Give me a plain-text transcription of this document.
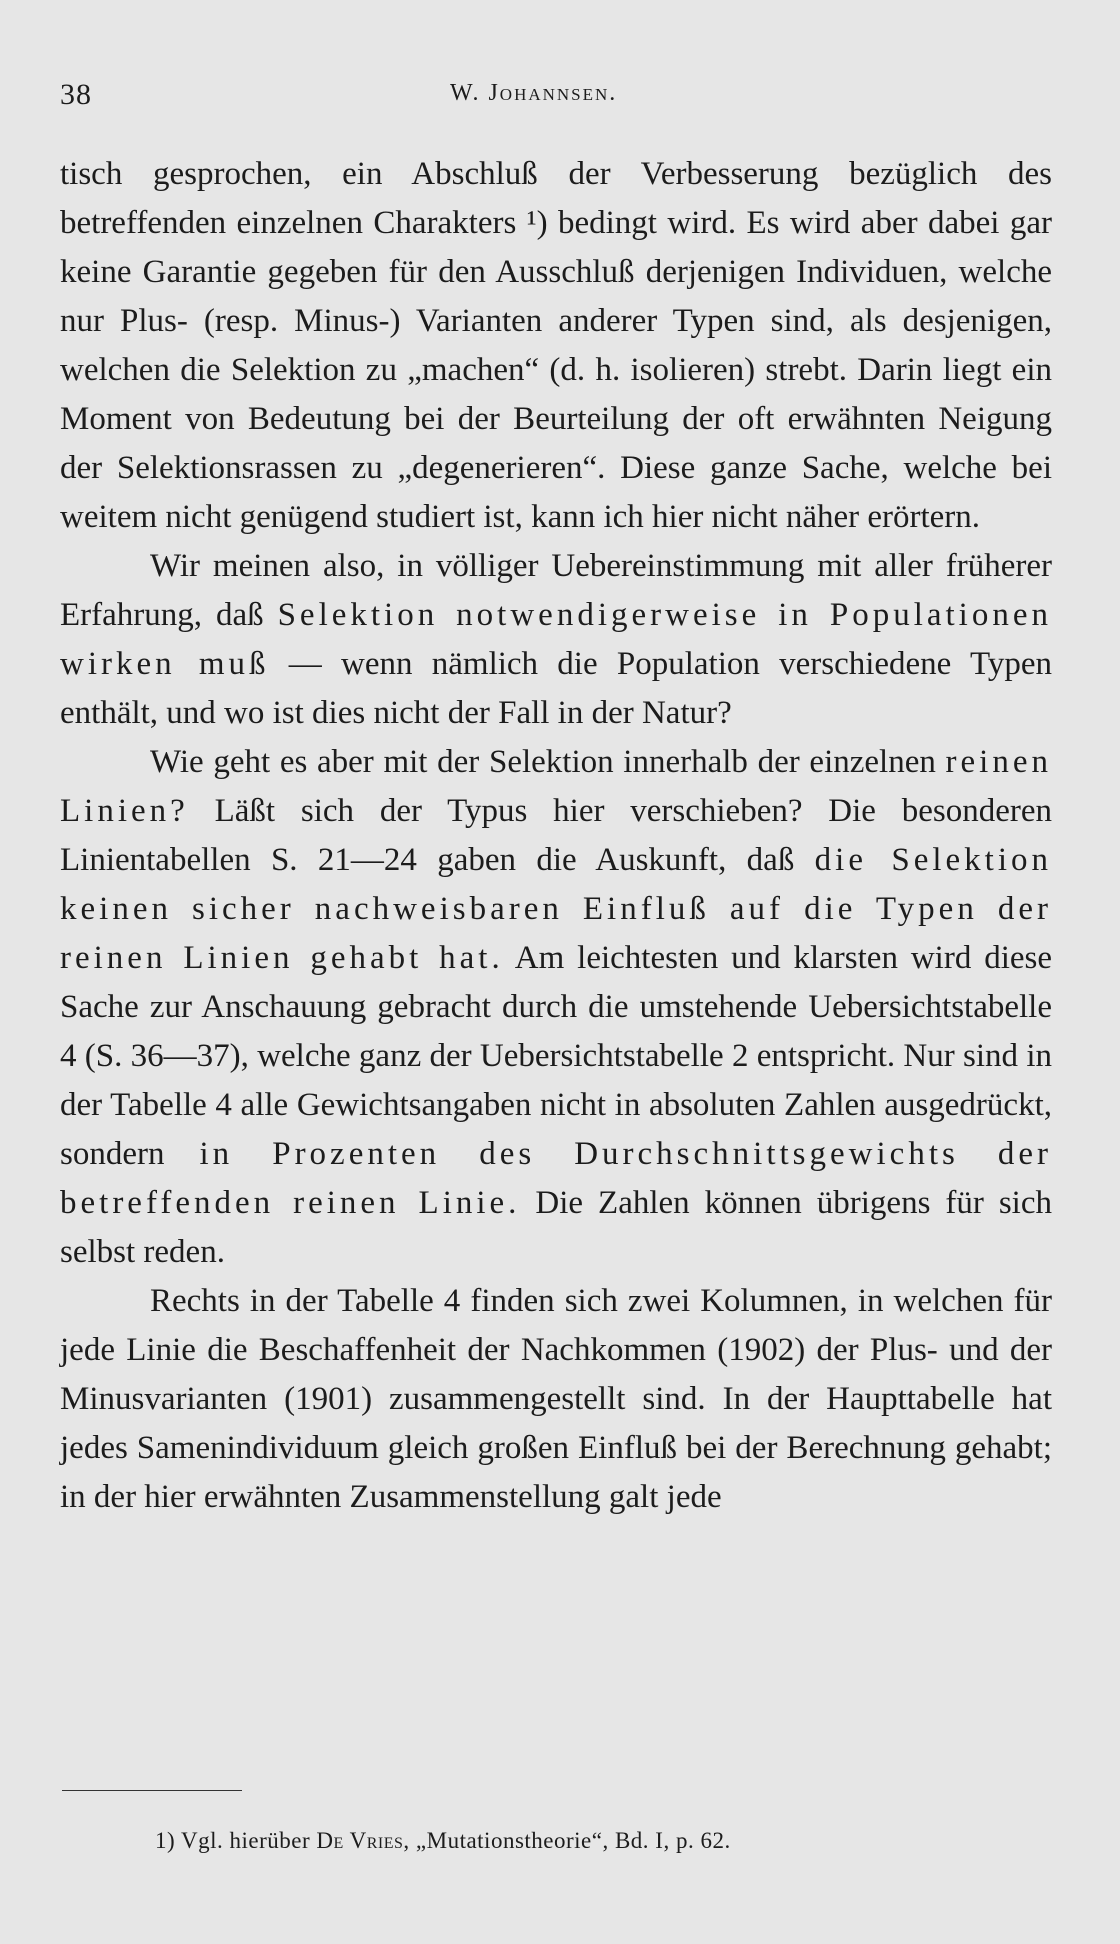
38	W. Johannsen.

tisch gesprochen, ein Abschluß der Verbesserung bezüglich des betreffenden einzelnen Charakters ¹) bedingt wird. Es wird aber dabei gar keine Garantie gegeben für den Ausschluß derjenigen Individuen, welche nur Plus- (resp. Minus-) Varianten anderer Typen sind, als desjenigen, welchen die Selektion zu „machen“ (d. h. isolieren) strebt. Darin liegt ein Moment von Bedeutung bei der Beurteilung der oft erwähnten Neigung der Selektionsrassen zu „degenerieren“. Diese ganze Sache, welche bei weitem nicht genügend studiert ist, kann ich hier nicht näher erörtern.

Wir meinen also, in völliger Uebereinstimmung mit aller früherer Erfahrung, daß Selektion notwendigerweise in Populationen wirken muß — wenn nämlich die Population verschiedene Typen enthält, und wo ist dies nicht der Fall in der Natur?

Wie geht es aber mit der Selektion innerhalb der einzelnen reinen Linien? Läßt sich der Typus hier verschieben? Die besonderen Linientabellen S. 21—24 gaben die Auskunft, daß die Selektion keinen sicher nachweisbaren Einfluß auf die Typen der reinen Linien gehabt hat. Am leichtesten und klarsten wird diese Sache zur Anschauung gebracht durch die umstehende Uebersichtstabelle 4 (S. 36—37), welche ganz der Uebersichtstabelle 2 entspricht. Nur sind in der Tabelle 4 alle Gewichtsangaben nicht in absoluten Zahlen ausgedrückt, sondern in Prozenten des Durchschnittsgewichts der betreffenden reinen Linie. Die Zahlen können übrigens für sich selbst reden.

Rechts in der Tabelle 4 finden sich zwei Kolumnen, in welchen für jede Linie die Beschaffenheit der Nachkommen (1902) der Plus- und der Minusvarianten (1901) zusammengestellt sind. In der Haupttabelle hat jedes Samenindividuum gleich großen Einfluß bei der Berechnung gehabt; in der hier erwähnten Zusammenstellung galt jede

1) Vgl. hierüber De Vries, „Mutationstheorie“, Bd. I, p. 62.
